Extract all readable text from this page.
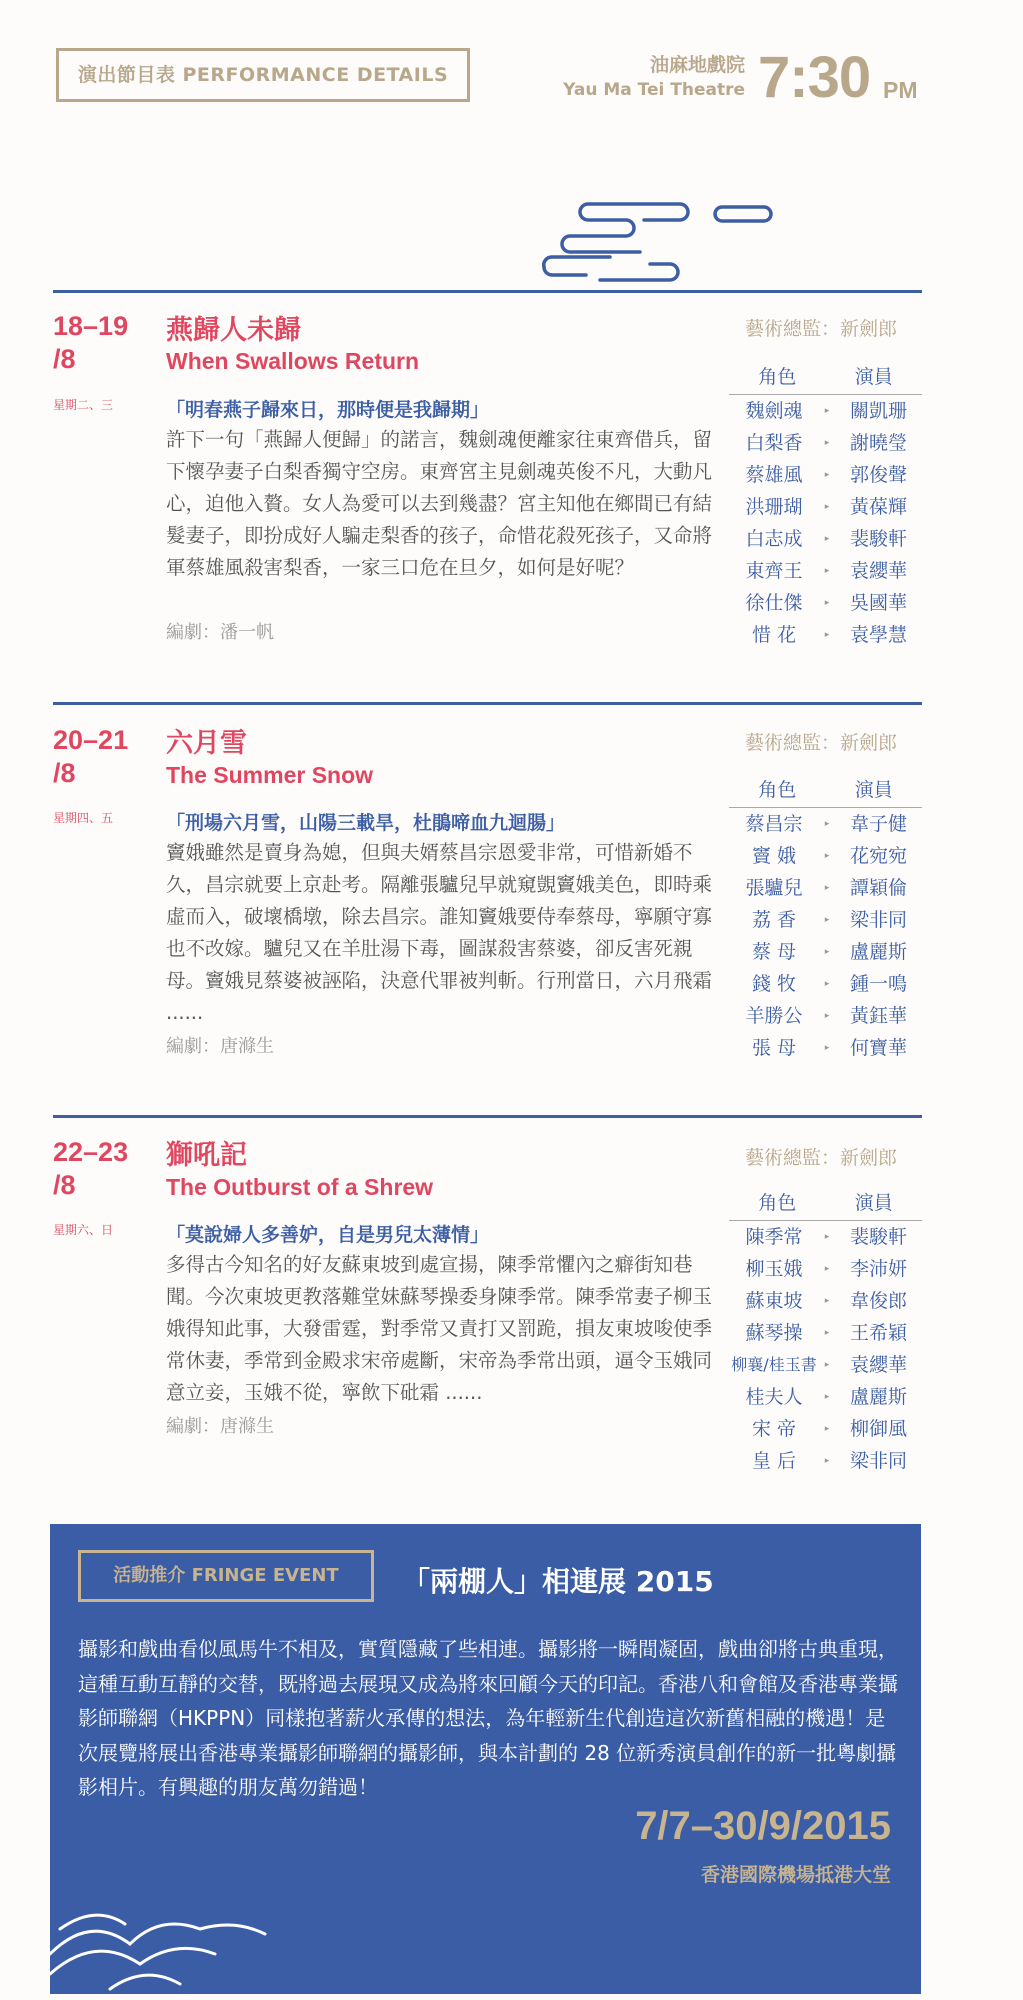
演出節目表 PERFORMANCE DETAILS	油麻地戲院
Yau Ma Tei Theatre 7:30 PM
18–19
/8
星期二、三
燕歸人未歸
When Swallows Return
「明春燕子歸來日，那時便是我歸期」
許下一句「燕歸人便歸」的諾言，魏劍魂便離家往東齊借兵，留下懷孕妻子白梨香獨守空房。東齊宮主見劍魂英俊不凡，大動凡心，迫他入贅。女人為愛可以去到幾盡？宮主知他在鄉間已有結髮妻子，即扮成好人騙走梨香的孩子，命惜花殺死孩子，又命將軍蔡雄風殺害梨香，一家三口危在旦夕，如何是好呢？
編劇：潘一帆
藝術總監：新劍郎
角色	演員
魏劍魂	▸	關凱珊
白梨香	▸	謝曉瑩
蔡雄風	▸	郭俊聲
洪珊瑚	▸	黃葆輝
白志成	▸	裴駿軒
東齊王	▸	袁纓華
徐仕傑	▸	吳國華
惜 花	▸	袁學慧
20–21
/8
星期四、五
六月雪
The Summer Snow
「刑場六月雪，山陽三載旱，杜鵑啼血九迴腸」
竇娥雖然是賣身為媳，但與夫婿蔡昌宗恩愛非常，可惜新婚不久，昌宗就要上京赴考。隔離張驢兒早就窺覬竇娥美色，即時乘虛而入，破壞橋墩，除去昌宗。誰知竇娥要侍奉蔡母，寧願守寡也不改嫁。驢兒又在羊肚湯下毒，圖謀殺害蔡婆，卻反害死親母。竇娥見蔡婆被誣陷，決意代罪被判斬。行刑當日，六月飛霜 ......
編劇：唐滌生
藝術總監：新劍郎
角色	演員
蔡昌宗	▸	韋子健
竇 娥	▸	花宛宛
張驢兒	▸	譚穎倫
荔 香	▸	梁非同
蔡 母	▸	盧麗斯
錢 牧	▸	鍾一鳴
羊勝公	▸	黃鈺華
張 母	▸	何寶華
22–23
/8
星期六、日
獅吼記
The Outburst of a Shrew
「莫說婦人多善妒，自是男兒太薄情」
多得古今知名的好友蘇東坡到處宣揚，陳季常懼內之癖街知巷聞。今次東坡更教落難堂妹蘇琴操委身陳季常。陳季常妻子柳玉娥得知此事，大發雷霆，對季常又責打又罰跪，損友東坡唆使季常休妻，季常到金殿求宋帝處斷，宋帝為季常出頭，逼令玉娥同意立妾，玉娥不從，寧飲下砒霜 ......
編劇：唐滌生
藝術總監：新劍郎
角色	演員
陳季常	▸	裴駿軒
柳玉娥	▸	李沛妍
蘇東坡	▸	韋俊郎
蘇琴操	▸	王希穎
柳襄/桂玉書 ▸	袁纓華
桂夫人	▸	盧麗斯
宋 帝	▸	柳御風
皇 后	▸	梁非同
活動推介 FRINGE EVENT	「兩棚人」相連展 2015
攝影和戲曲看似風馬牛不相及，實質隱藏了些相連。攝影將一瞬間凝固，戲曲卻將古典重現，這種互動互靜的交替，既將過去展現又成為將來回顧今天的印記。香港八和會館及香港專業攝影師聯網（HKPPN）同樣抱著薪火承傳的想法，為年輕新生代創造這次新舊相融的機遇！是次展覽將展出香港專業攝影師聯網的攝影師，與本計劃的 28 位新秀演員創作的新一批粵劇攝影相片。有興趣的朋友萬勿錯過！
7/7–30/9/2015
香港國際機場抵港大堂
